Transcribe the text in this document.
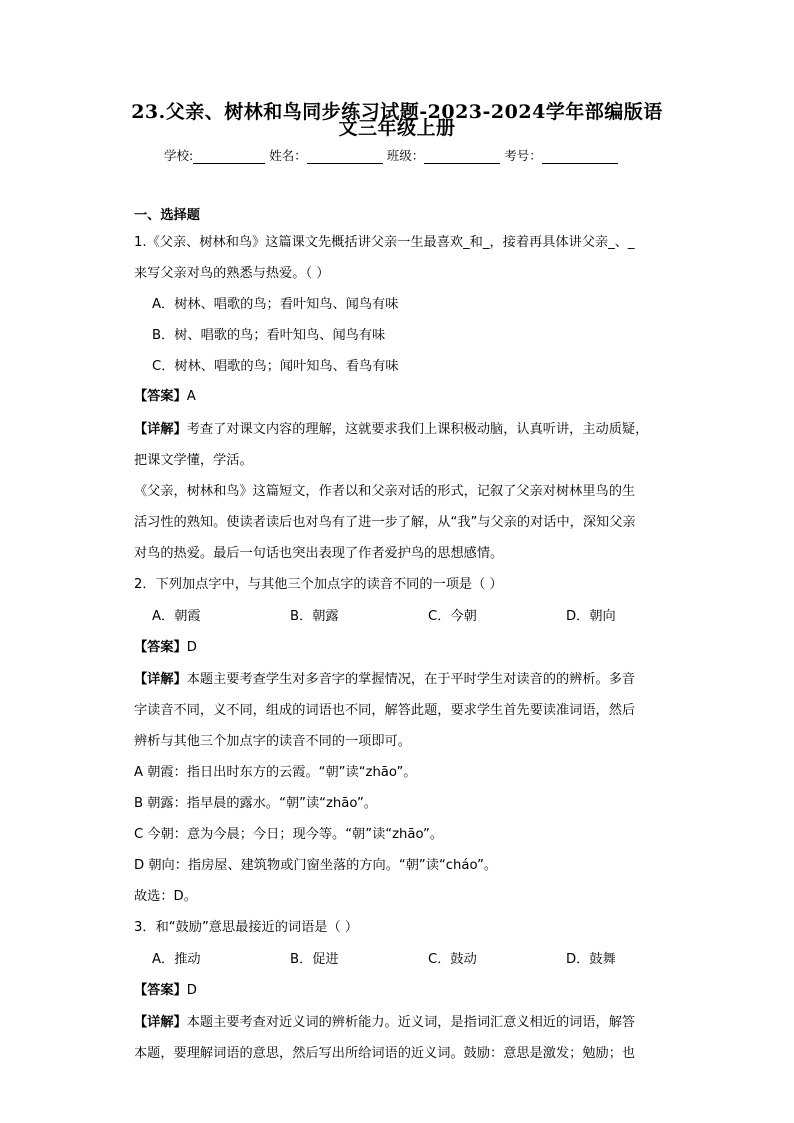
23.父亲、树林和鸟同步练习试题-2023-2024学年部编版语
文三年级上册
学校:	姓名：	班级：	考号：
一、选择题
1.《父亲、树林和鸟》这篇课文先概括讲父亲一生最喜欢_和_，接着再具体讲父亲_、_
来写父亲对鸟的熟悉与热爱。（ ）
A．树林、唱歌的鸟；看叶知鸟、闻鸟有味
B．树、唱歌的鸟；看叶知鸟、闻鸟有味
C．树林、唱歌的鸟；闻叶知鸟、看鸟有味
【答案】A
【详解】考查了对课文内容的理解，这就要求我们上课积极动脑，认真听讲，主动质疑，
把课文学懂，学活。
《父亲，树林和鸟》这篇短文，作者以和父亲对话的形式，记叙了父亲对树林里鸟的生
活习性的熟知。使读者读后也对鸟有了进一步了解，从“我”与父亲的对话中，深知父亲
对鸟的热爱。最后一句话也突出表现了作者爱护鸟的思想感情。
2．下列加点字中，与其他三个加点字的读音不同的一项是（ ）
A．朝霞	B．朝露	C．今朝	D．朝向
【答案】D
【详解】本题主要考查学生对多音字的掌握情况，在于平时学生对读音的的辨析。多音
字读音不同，义不同，组成的词语也不同，解答此题，要求学生首先要读准词语，然后
辨析与其他三个加点字的读音不同的一项即可。
A 朝霞：指日出时东方的云霞。“朝”读“zhāo”。
B 朝露：指早晨的露水。“朝”读“zhāo”。
C 今朝：意为今晨；今日；现今等。“朝”读“zhāo”。
D 朝向：指房屋、建筑物或门窗坐落的方向。“朝”读“cháo”。
故选：D。
3．和“鼓励”意思最接近的词语是（ ）
A．推动	B．促进	C．鼓动	D．鼓舞
【答案】D
【详解】本题主要考查对近义词的辨析能力。近义词，是指词汇意义相近的词语，解答
本题，要理解词语的意思，然后写出所给词语的近义词。鼓励：意思是激发；勉励；也
